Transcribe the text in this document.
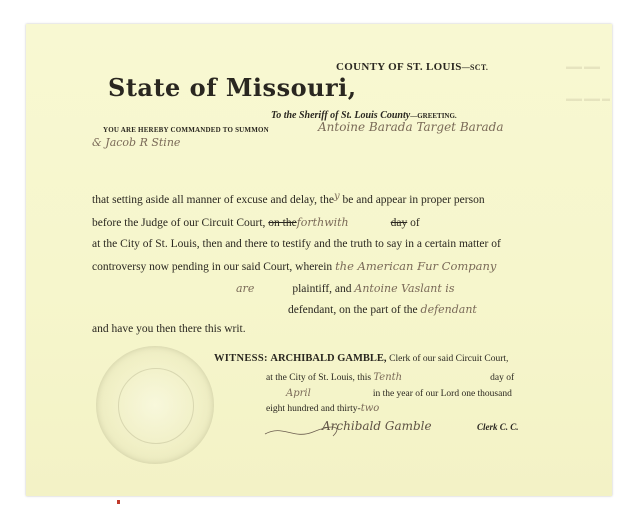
▬▬ ▬▬
▬▬ ▬▬ ▬
COUNTY OF ST. LOUIS—SCT.
State of Missouri,
To the Sheriff of St. Louis County—GREETING.
YOU ARE HEREBY COMMANDED TO SUMMON	Antoine Barada Target Barada
& Jacob R Stine
that setting aside all manner of excuse and delay, they be and appear in proper person
before the Judge of our Circuit Court, on theforthwith	day of
at the City of St. Louis, then and there to testify and the truth to say in a certain matter of
controversy now pending in our said Court, wherein the American Fur Company
are	plaintiff, and Antoine Vaslant is
defendant, on the part of the defendant
and have you then there this writ.
WITNESS: ARCHIBALD GAMBLE, Clerk of our said Circuit Court,
at the City of St. Louis, this Tenth	day of
April	in the year of our Lord one thousand
eight hundred and thirty-two
Archibald Gamble	Clerk C. C.
